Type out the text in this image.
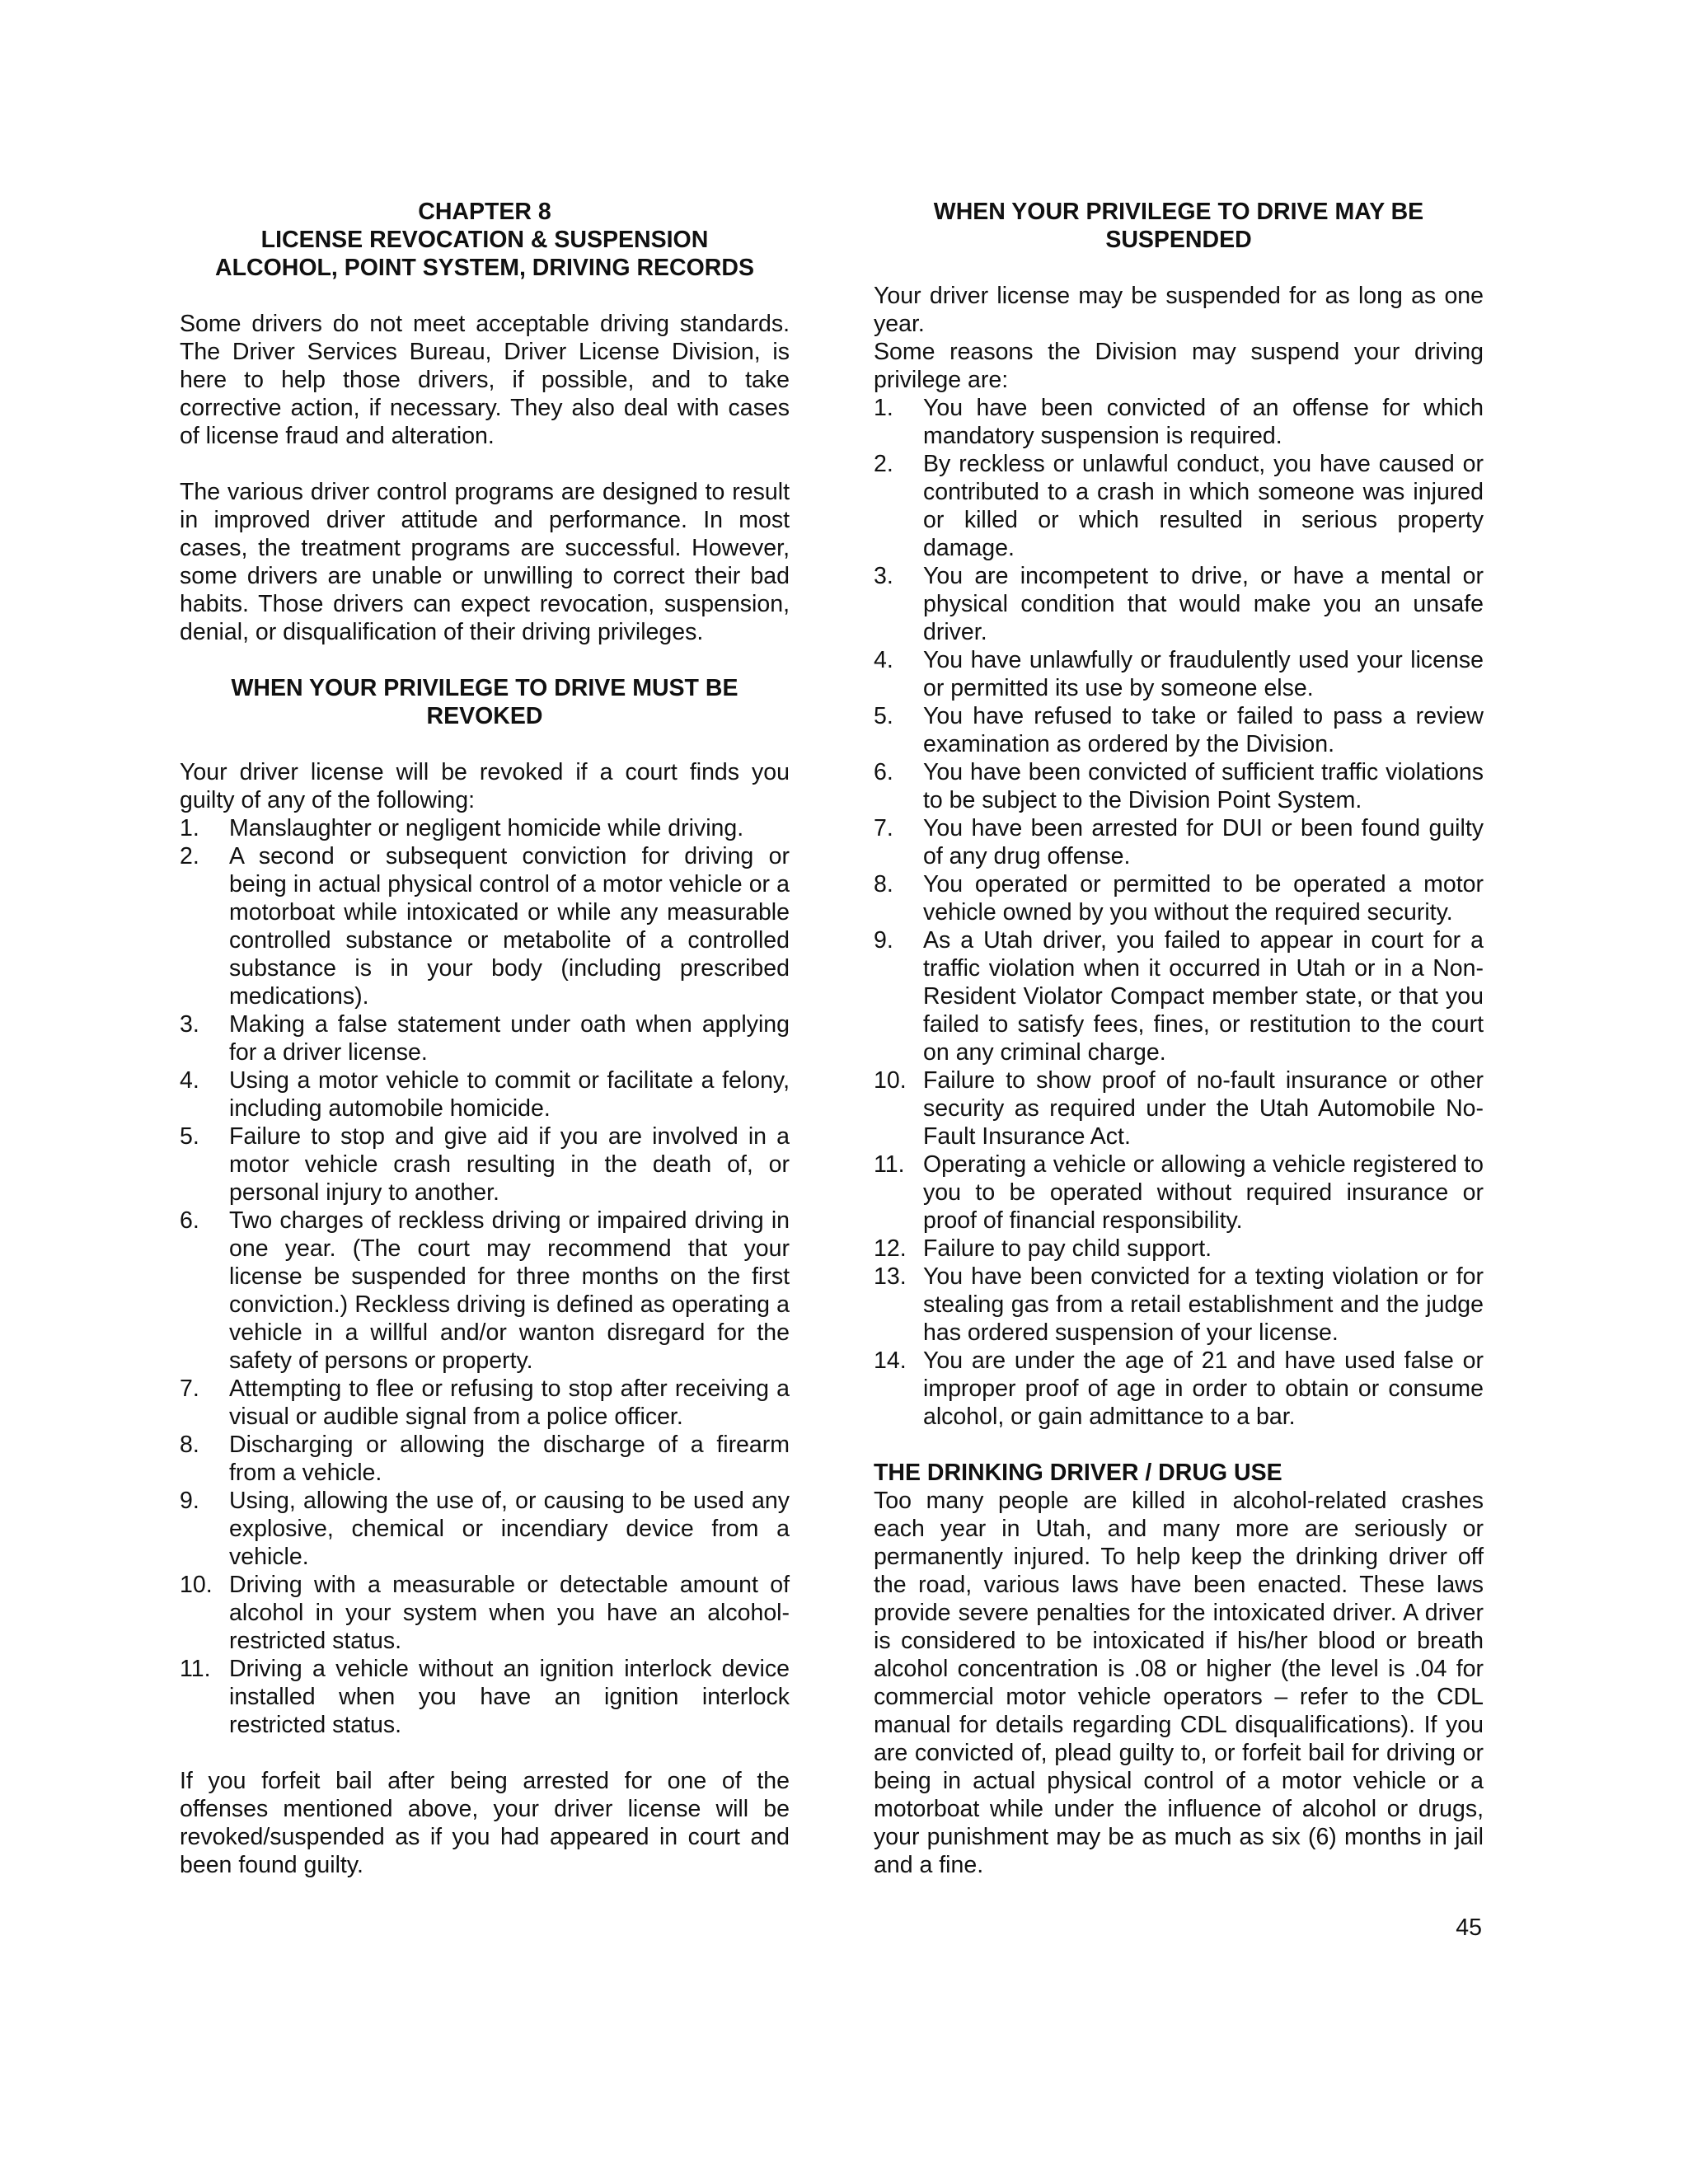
CHAPTER 8
LICENSE REVOCATION & SUSPENSION
ALCOHOL, POINT SYSTEM, DRIVING RECORDS

Some drivers do not meet acceptable driving standards. The Driver Services Bureau, Driver License Division, is here to help those drivers, if possible, and to take corrective action, if necessary. They also deal with cases of license fraud and alteration.

The various driver control programs are designed to result in improved driver attitude and performance. In most cases, the treatment programs are successful. However, some drivers are unable or unwilling to correct their bad habits. Those drivers can expect revocation, suspension, denial, or disqualification of their driving privileges.

WHEN YOUR PRIVILEGE TO DRIVE MUST BE
REVOKED

Your driver license will be revoked if a court finds you guilty of any of the following:

1. Manslaughter or negligent homicide while driving.
2. A second or subsequent conviction for driving or being in actual physical control of a motor vehicle or a motorboat while intoxicated or while any measurable controlled substance or metabolite of a controlled substance is in your body (including prescribed medications).
3. Making a false statement under oath when applying for a driver license.
4. Using a motor vehicle to commit or facilitate a felony, including automobile homicide.
5. Failure to stop and give aid if you are involved in a motor vehicle crash resulting in the death of, or personal injury to another.
6. Two charges of reckless driving or impaired driving in one year. (The court may recommend that your license be suspended for three months on the first conviction.) Reckless driving is defined as operating a vehicle in a willful and/or wanton disregard for the safety of persons or property.
7. Attempting to flee or refusing to stop after receiving a visual or audible signal from a police officer.
8. Discharging or allowing the discharge of a firearm from a vehicle.
9. Using, allowing the use of, or causing to be used any explosive, chemical or incendiary device from a vehicle.
10. Driving with a measurable or detectable amount of alcohol in your system when you have an alcohol-restricted status.
11. Driving a vehicle without an ignition interlock device installed when you have an ignition interlock restricted status.

If you forfeit bail after being arrested for one of the offenses mentioned above, your driver license will be revoked/suspended as if you had appeared in court and been found guilty.

WHEN YOUR PRIVILEGE TO DRIVE MAY BE
SUSPENDED

Your driver license may be suspended for as long as one year.

Some reasons the Division may suspend your driving privilege are:

1. You have been convicted of an offense for which mandatory suspension is required.
2. By reckless or unlawful conduct, you have caused or contributed to a crash in which someone was injured or killed or which resulted in serious property damage.
3. You are incompetent to drive, or have a mental or physical condition that would make you an unsafe driver.
4. You have unlawfully or fraudulently used your license or permitted its use by someone else.
5. You have refused to take or failed to pass a review examination as ordered by the Division.
6. You have been convicted of sufficient traffic violations to be subject to the Division Point System.
7. You have been arrested for DUI or been found guilty of any drug offense.
8. You operated or permitted to be operated a motor vehicle owned by you without the required security.
9. As a Utah driver, you failed to appear in court for a traffic violation when it occurred in Utah or in a Non-Resident Violator Compact member state, or that you failed to satisfy fees, fines, or restitution to the court on any criminal charge.
10. Failure to show proof of no-fault insurance or other security as required under the Utah Automobile No-Fault Insurance Act.
11. Operating a vehicle or allowing a vehicle registered to you to be operated without required insurance or proof of financial responsibility.
12. Failure to pay child support.
13. You have been convicted for a texting violation or for stealing gas from a retail establishment and the judge has ordered suspension of your license.
14. You are under the age of 21 and have used false or improper proof of age in order to obtain or consume alcohol, or gain admittance to a bar.
THE DRINKING DRIVER / DRUG USE

Too many people are killed in alcohol-related crashes each year in Utah, and many more are seriously or permanently injured. To help keep the drinking driver off the road, various laws have been enacted. These laws provide severe penalties for the intoxicated driver. A driver is considered to be intoxicated if his/her blood or breath alcohol concentration is .08 or higher (the level is .04 for commercial motor vehicle operators – refer to the CDL manual for details regarding CDL disqualifications). If you are convicted of, plead guilty to, or forfeit bail for driving or being in actual physical control of a motor vehicle or a motorboat while under the influence of alcohol or drugs, your punishment may be as much as six (6) months in jail and a fine.

45
